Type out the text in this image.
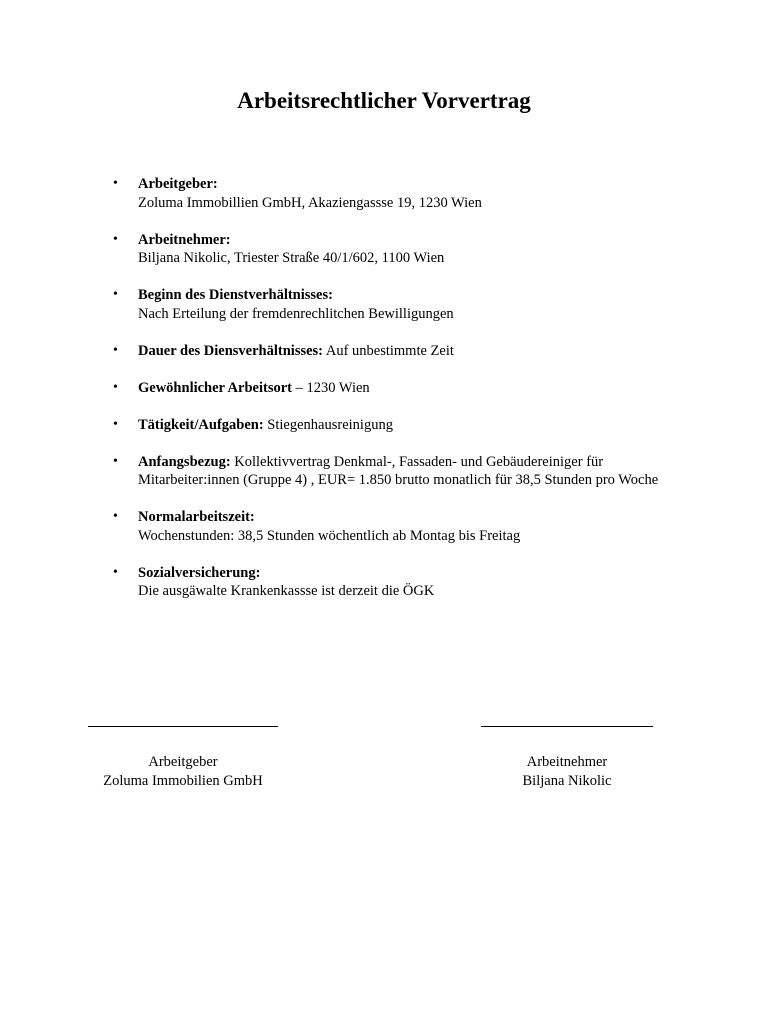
Arbeitsrechtlicher Vorvertrag
• Arbeitgeber:
Zoluma Immobillien GmbH, Akaziengassse 19, 1230 Wien
• Arbeitnehmer:
Biljana Nikolic, Triester Straße 40/1/602, 1100 Wien
• Beginn des Dienstverhältnisses:
Nach Erteilung der fremdenrechlitchen Bewilligungen
• Dauer des Diensverhältnisses: Auf unbestimmte Zeit
• Gewöhnlicher Arbeitsort – 1230 Wien
• Tätigkeit/Aufgaben: Stiegenhausreinigung
• Anfangsbezug: Kollektivvertrag Denkmal-, Fassaden- und Gebäudereiniger für Mitarbeiter:innen (Gruppe 4) , EUR= 1.850 brutto monatlich für 38,5 Stunden pro Woche
• Normalarbeitszeit:
Wochenstunden: 38,5 Stunden wöchentlich ab Montag bis Freitag
• Sozialversicherung:
Die ausgäwalte Krankenkassse ist derzeit die ÖGK
Arbeitgeber
Zoluma Immobilien GmbH
Arbeitnehmer
Biljana Nikolic
